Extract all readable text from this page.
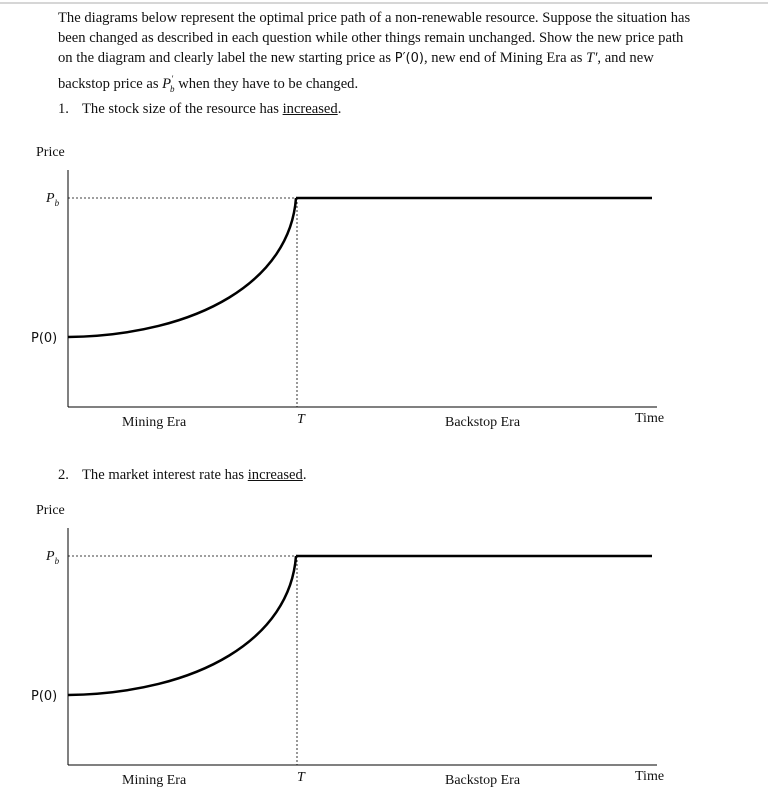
The diagrams below represent the optimal price path of a non-renewable resource. Suppose the situation has been changed as described in each question while other things remain unchanged. Show the new price path on the diagram and clearly label the new starting price as P′(0), new end of Mining Era as T′, and new backstop price as $P'_b$ when they have to be changed.

1. The stock size of the resource has increased.
Price
$P_b$
P(0)
Mining Era	T	Backstop Era	Time
2. The market interest rate has increased.
Price
$P_b$
P(0)
Mining Era	T	Backstop Era	Time
